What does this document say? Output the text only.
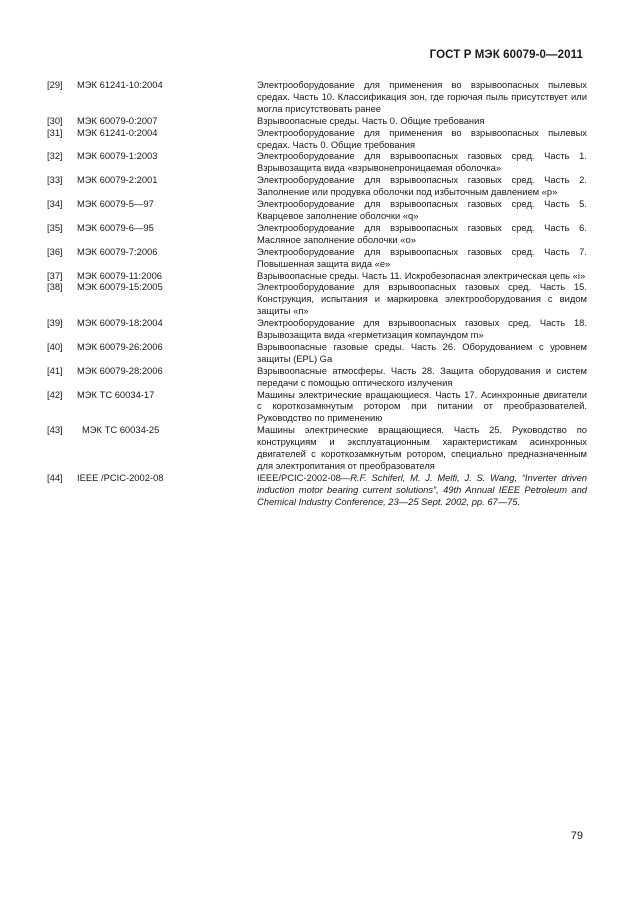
ГОСТ Р МЭК 60079-0—2011
[29]	МЭК 61241-10:2004	Электрооборудование для применения во взрывоопасных пылевых средах. Часть 10. Классификация зон, где горючая пыль присутствует или могла присутствовать ранее
[30]	МЭК 60079-0:2007	Взрывоопасные среды. Часть 0. Общие требования
[31]	МЭК 61241-0:2004	Электрооборудование для применения во взрывоопасных пылевых средах. Часть 0. Общие требования
[32]	МЭК 60079-1:2003	Электрооборудование для взрывоопасных газовых сред. Часть 1. Взрывозащита вида «взрывонепроницаемая оболочка»
[33]	МЭК 60079-2:2001	Электрооборудование для взрывоопасных газовых сред. Часть 2. Заполнение или продувка оболочки под избыточным давлением «р»
[34]	МЭК 60079-5—97	Электрооборудование для взрывоопасных газовых сред. Часть 5. Кварцевое заполнение оболочки «q»
[35]	МЭК 60079-6—95	Электрооборудование для взрывоопасных газовых сред. Часть 6. Масляное заполнение оболочки «о»
[36]	МЭК 60079-7:2006	Электрооборудование для взрывоопасных газовых сред. Часть 7. Повышенная защита вида «е»
[37]	МЭК 60079-11:2006	Взрывоопасные среды. Часть 11. Искробезопасная электрическая цепь «i»
[38]	МЭК 60079-15:2005	Электрооборудование для взрывоопасных газовых сред. Часть 15. Конструкция, испытания и маркировка электрооборудования с видом защиты «п»
[39]	МЭК 60079-18:2004	Электрооборудование для взрывоопасных газовых сред. Часть 18. Взрывозащита вида «герметизация компаундом m»
[40]	МЭК 60079-26:2006	Взрывоопасные газовые среды. Часть 26. Оборудованием с уровнем защиты (EPL) Ga
[41]	МЭК 60079-28:2006	Взрывоопасные атмосферы. Часть 28. Защита оборудования и систем передачи с помощью оптического излучения
[42]	МЭК ТС 60034-17	Машины электрические вращающиеся. Часть 17. Асинхронные двигатели с короткозамкнутым ротором при питании от преобразователей. Руководство по применению
[43]	МЭК ТС 60034-25	Машины электрические вращающиеся. Часть 25. Руководство по конструкциям и эксплуатационным характеристикам асинхронных двигателей с короткозамкнутым ротором, специально предназначенным для электропитания от преобразователя
[44]	IEEE /PCIC-2002-08	IEEE/PCIC-2002-08—R.F. Schiferl, M. J. Melfi, J. S. Wang, “Inverter driven induction motor bearing current solutions”, 49th Annual IEEE Petroleum and Chemical Industry Conference, 23—25 Sept. 2002, pp. 67—75.
79
